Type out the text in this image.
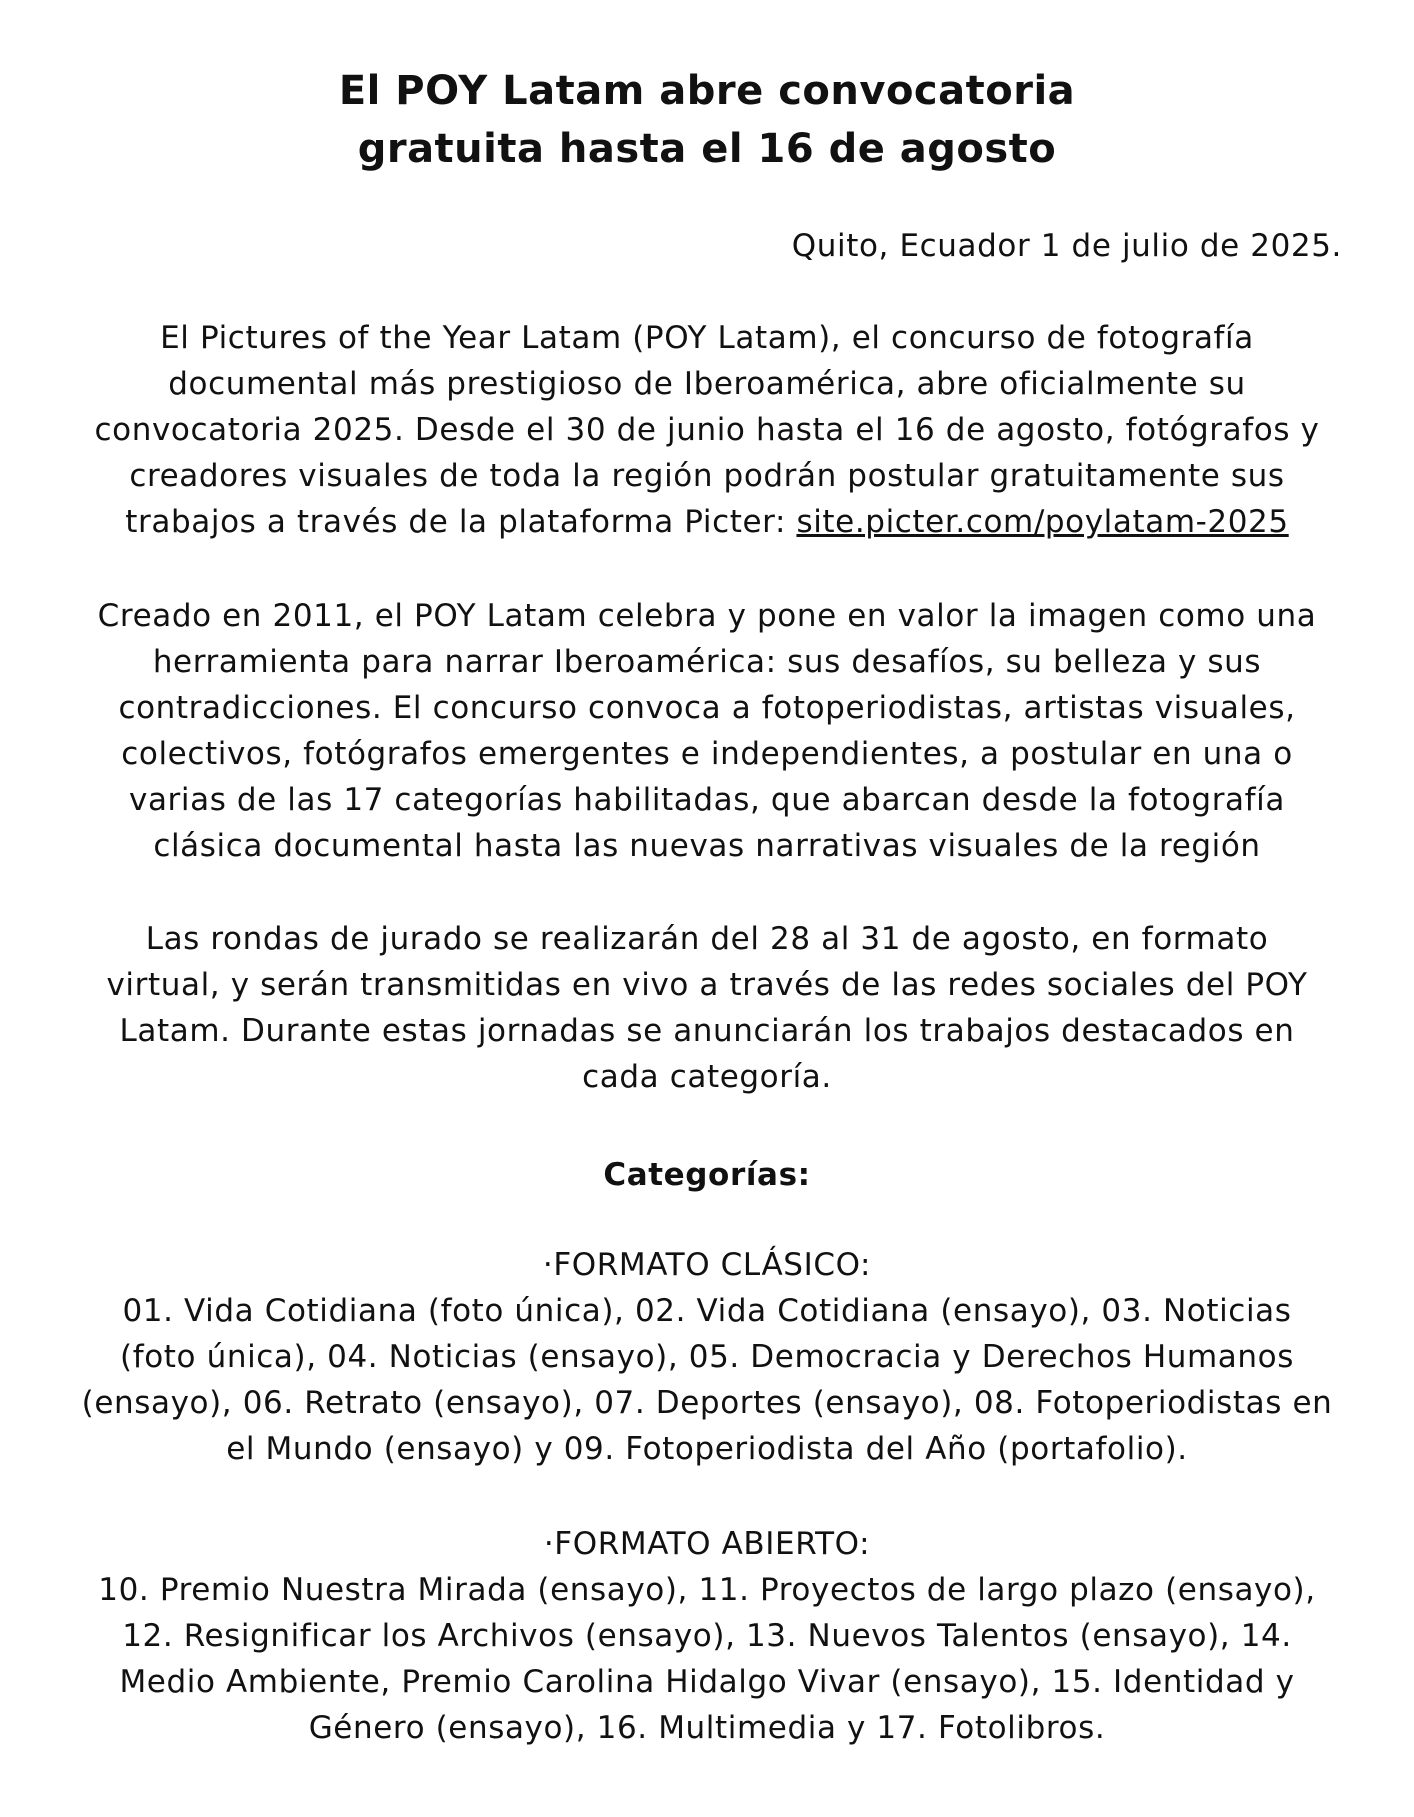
El POY Latam abre convocatoria
gratuita hasta el 16 de agosto
Quito, Ecuador 1 de julio de 2025.

El Pictures of the Year Latam (POY Latam), el concurso de fotografía
documental más prestigioso de Iberoamérica, abre oficialmente su
convocatoria 2025. Desde el 30 de junio hasta el 16 de agosto, fotógrafos y
creadores visuales de toda la región podrán postular gratuitamente sus
trabajos a través de la plataforma Picter: site.picter.com/poylatam-2025

Creado en 2011, el POY Latam celebra y pone en valor la imagen como una
herramienta para narrar Iberoamérica: sus desafíos, su belleza y sus
contradicciones. El concurso convoca a fotoperiodistas, artistas visuales,
colectivos, fotógrafos emergentes e independientes, a postular en una o
varias de las 17 categorías habilitadas, que abarcan desde la fotografía
clásica documental hasta las nuevas narrativas visuales de la región

Las rondas de jurado se realizarán del 28 al 31 de agosto, en formato
virtual, y serán transmitidas en vivo a través de las redes sociales del POY
Latam. Durante estas jornadas se anunciarán los trabajos destacados en
cada categoría.

Categorías:

·FORMATO CLÁSICO:
01. Vida Cotidiana (foto única), 02. Vida Cotidiana (ensayo), 03. Noticias
(foto única), 04. Noticias (ensayo), 05. Democracia y Derechos Humanos
(ensayo), 06. Retrato (ensayo), 07. Deportes (ensayo), 08. Fotoperiodistas en
el Mundo (ensayo) y 09. Fotoperiodista del Año (portafolio).

·FORMATO ABIERTO:
10. Premio Nuestra Mirada (ensayo), 11. Proyectos de largo plazo (ensayo),
12. Resignificar los Archivos (ensayo), 13. Nuevos Talentos (ensayo), 14.
Medio Ambiente, Premio Carolina Hidalgo Vivar (ensayo), 15. Identidad y
Género (ensayo), 16. Multimedia y 17. Fotolibros.
